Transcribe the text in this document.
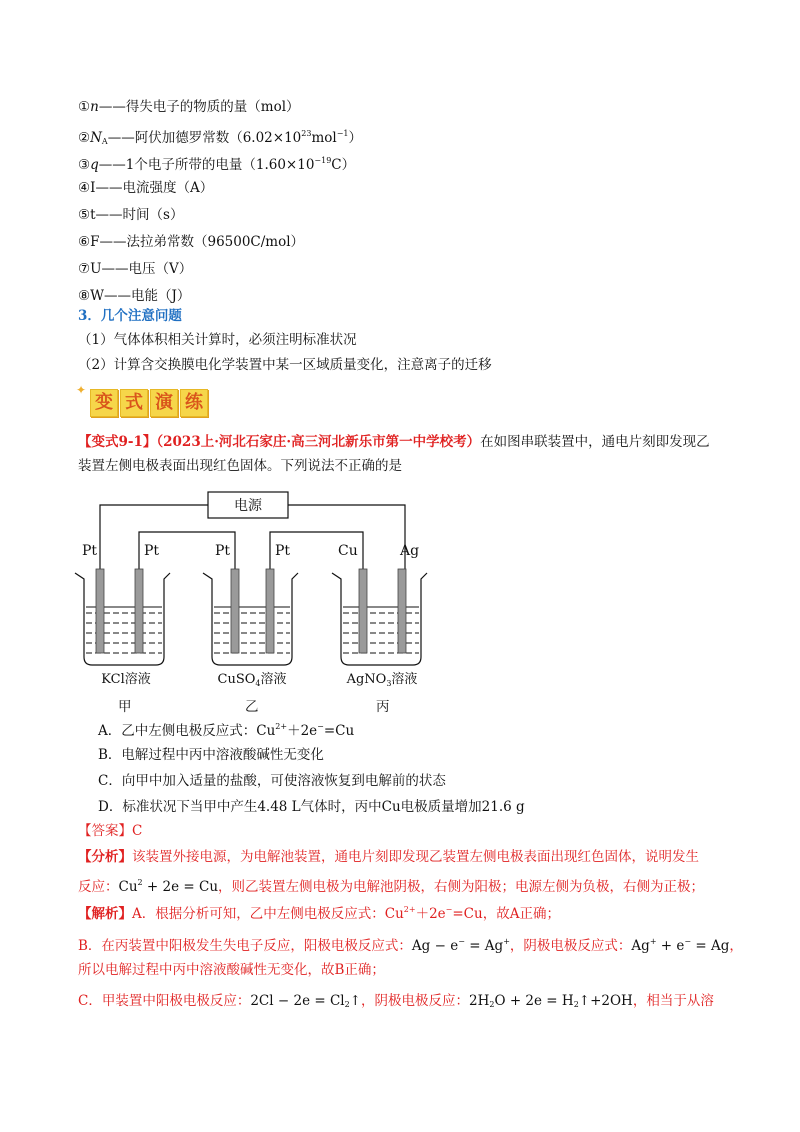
①n——得失电子的物质的量（mol）
$②N_A——$阿伏加德罗常数$(6.02\times 10^{23}mol^{-1})$
③q——1个电子所带的电量$(1.60\times 10^{-19}C)$
④I——电流强度（A）
⑤t——时间（s）
⑥F——法拉弟常数（96500C/mol）
⑦U——电压（V）
⑧W——电能（J）
3．几个注意问题
（1）气体体积相关计算时，必须注明标准状况
（2）计算含交换膜电化学装置中某一区域质量变化，注意离子的迁移
✦
变 式 演 练
【变式9-1】（2023上·河北石家庄·高三河北新乐市第一中学校考）在如图串联装置中，通电片刻即发现乙
装置左侧电极表面出现红色固体。下列说法不正确的是
电源
Pt	Pt	Pt	Pt	Cu	Ag
KCl溶液	CuSO$_4$溶液	AgNO$_3$溶液
甲	乙	丙
A．乙中左侧电极反应式：$Cu^{2+}+2e^-=Cu$
B．电解过程中丙中溶液酸碱性无变化
C．向甲中加入适量的盐酸，可使溶液恢复到电解前的状态
D．标准状况下当甲中产生4.48 L气体时，丙中Cu电极质量增加21.6 g
【答案】C
【分析】该装置外接电源，为电解池装置，通电片刻即发现乙装置左侧电极表面出现红色固体，说明发生
反应：$Cu^2 + 2e = Cu$，则乙装置左侧电极为电解池阴极，右侧为阳极；电源左侧为负极，右侧为正极；
【解析】A．根据分析可知，乙中左侧电极反应式：$Cu^{2+}+2e^-=Cu$，故A正确；
B．在丙装置中阳极发生失电子反应，阳极电极反应式：Ag − e− = Ag+，阴极电极反应式：Ag+ + e− = Ag，
所以电解过程中丙中溶液酸碱性无变化，故B正确；
C．甲装置中阳极电极反应：$2Cl - 2e = Cl_2↑$，阴极电极反应：$2H_2O + 2e$ = $H_2↑+2OH$，相当于从溶
